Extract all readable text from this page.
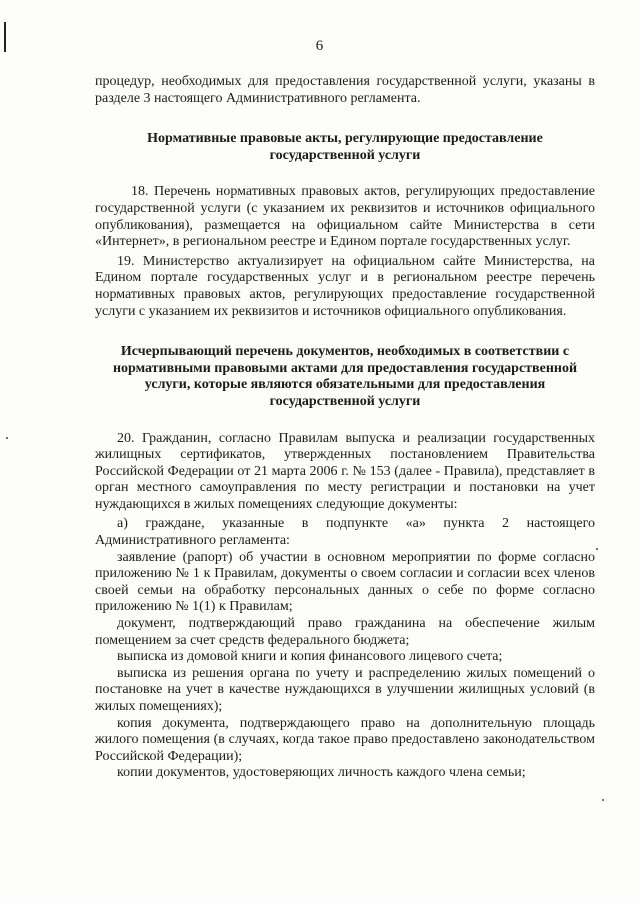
6

процедур, необходимых для предоставления государственной услуги, указаны в разделе 3 настоящего Административного регламента.

Нормативные правовые акты, регулирующие предоставление государственной услуги

18. Перечень нормативных правовых актов, регулирующих предоставление государственной услуги (с указанием их реквизитов и источников официального опубликования), размещается на официальном сайте Министерства в сети «Интернет», в региональном реестре и Едином портале государственных услуг.

19. Министерство актуализирует на официальном сайте Министерства, на Едином портале государственных услуг и в региональном реестре перечень нормативных правовых актов, регулирующих предоставление государственной услуги с указанием их реквизитов и источников официального опубликования.

Исчерпывающий перечень документов, необходимых в соответствии с нормативными правовыми актами для предоставления государственной услуги, которые являются обязательными для предоставления государственной услуги

20. Гражданин, согласно Правилам выпуска и реализации государственных жилищных сертификатов, утвержденных постановлением Правительства Российской Федерации от 21 марта 2006 г. № 153 (далее - Правила), представляет в орган местного самоуправления по месту регистрации и постановки на учет нуждающихся в жилых помещениях следующие документы:

а) граждане, указанные в подпункте «а» пункта 2 настоящего Административного регламента:

заявление (рапорт) об участии в основном мероприятии по форме согласно приложению № 1 к Правилам, документы о своем согласии и согласии всех членов своей семьи на обработку персональных данных о себе по форме согласно приложению № 1(1) к Правилам;

документ, подтверждающий право гражданина на обеспечение жилым помещением за счет средств федерального бюджета;

выписка из домовой книги и копия финансового лицевого счета;

выписка из решения органа по учету и распределению жилых помещений о постановке на учет в качестве нуждающихся в улучшении жилищных условий (в жилых помещениях);

копия документа, подтверждающего право на дополнительную площадь жилого помещения (в случаях, когда такое право предоставлено законодательством Российской Федерации);

копии документов, удостоверяющих личность каждого члена семьи;
